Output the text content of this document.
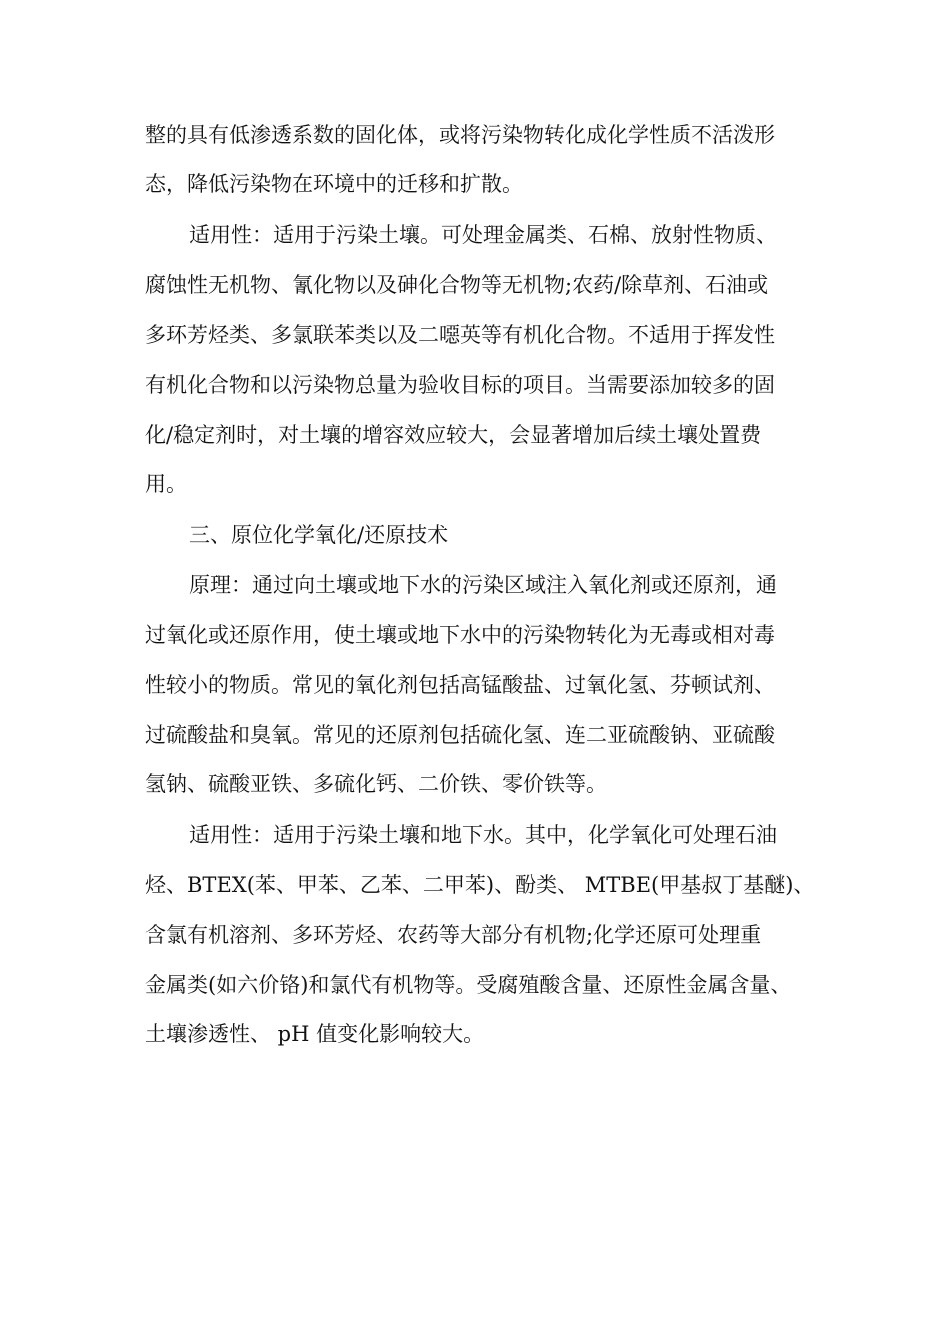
整的具有低渗透系数的固化体，或将污染物转化成化学性质不活泼形
态，降低污染物在环境中的迁移和扩散。
适用性：适用于污染土壤。可处理金属类、石棉、放射性物质、
腐蚀性无机物、氰化物以及砷化合物等无机物;农药/除草剂、石油或
多环芳烃类、多氯联苯类以及二噁英等有机化合物。不适用于挥发性
有机化合物和以污染物总量为验收目标的项目。当需要添加较多的固
化/稳定剂时，对土壤的增容效应较大，会显著增加后续土壤处置费
用。
三、原位化学氧化/还原技术
原理：通过向土壤或地下水的污染区域注入氧化剂或还原剂，通
过氧化或还原作用，使土壤或地下水中的污染物转化为无毒或相对毒
性较小的物质。常见的氧化剂包括高锰酸盐、过氧化氢、芬顿试剂、
过硫酸盐和臭氧。常见的还原剂包括硫化氢、连二亚硫酸钠、亚硫酸
氢钠、硫酸亚铁、多硫化钙、二价铁、零价铁等。
适用性：适用于污染土壤和地下水。其中，化学氧化可处理石油
烃、BTEX(苯、甲苯、乙苯、二甲苯)、酚类、 MTBE(甲基叔丁基醚)、
含氯有机溶剂、多环芳烃、农药等大部分有机物;化学还原可处理重
金属类(如六价铬)和氯代有机物等。受腐殖酸含量、还原性金属含量、
土壤渗透性、 pH 值变化影响较大。
